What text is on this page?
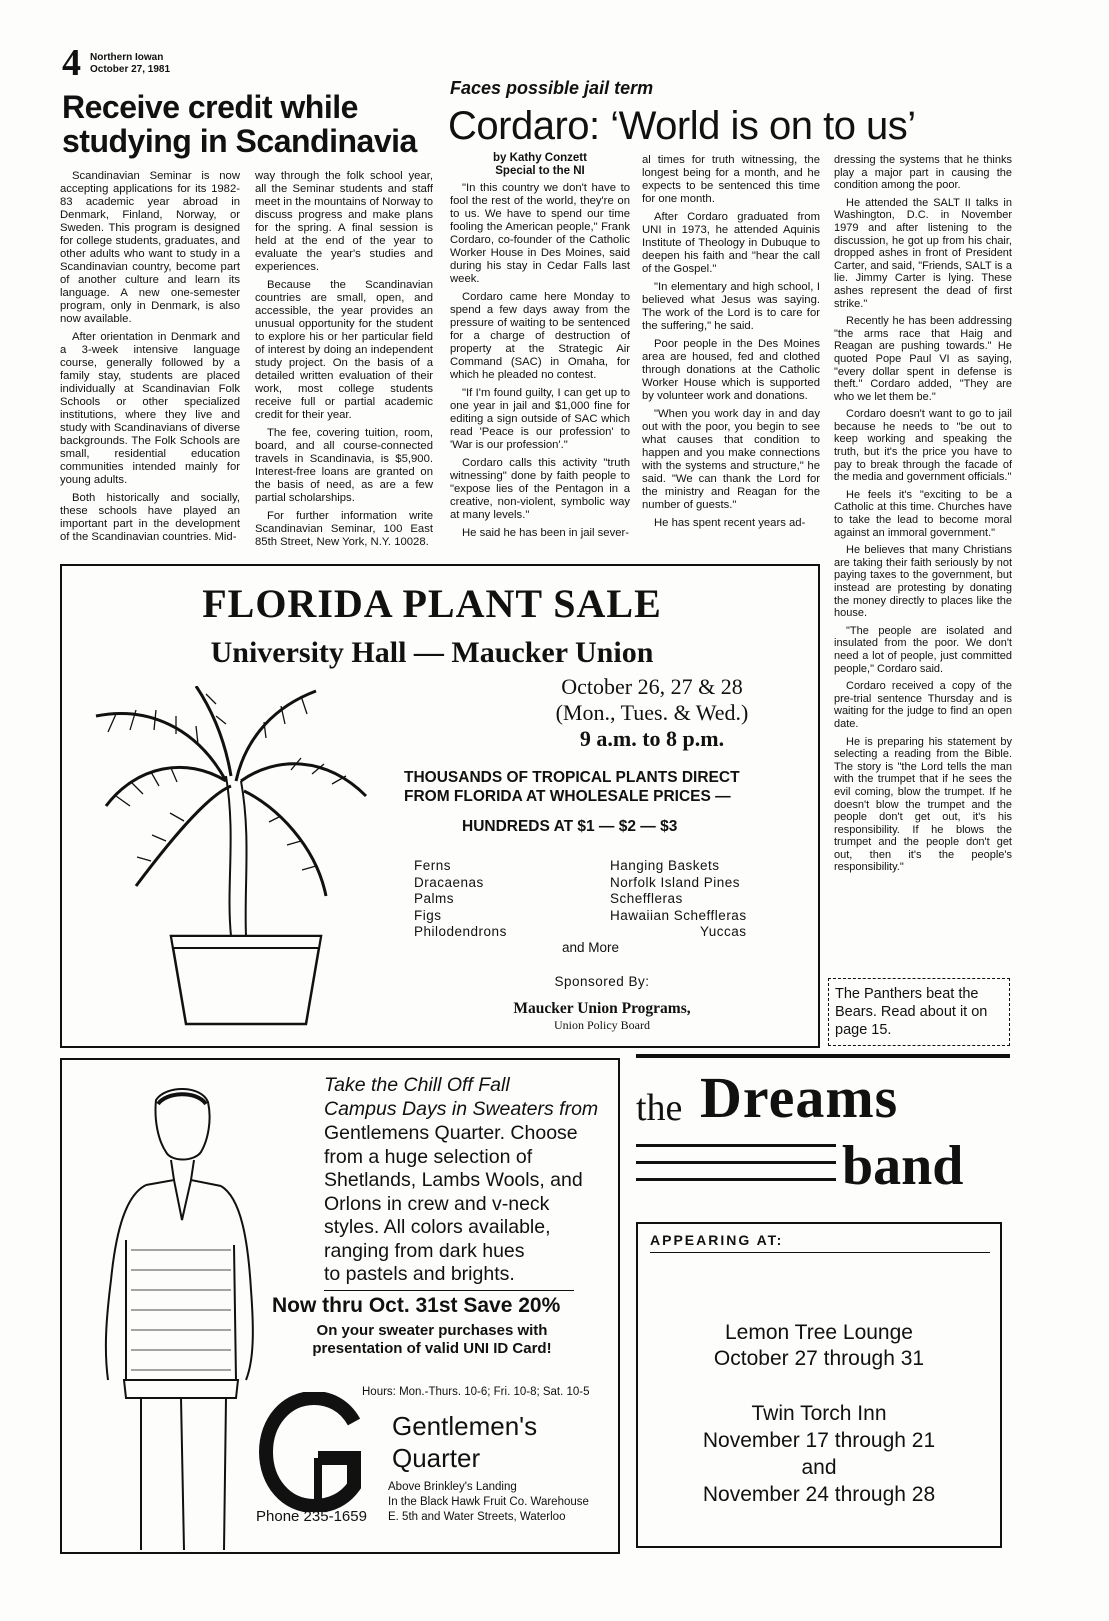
4 Northern Iowan
October 27, 1981
Receive credit while
studying in Scandinavia

Scandinavian Seminar is now accepting applications for its 1982-83 academic year abroad in Denmark, Finland, Norway, or Sweden. This program is designed for college students, graduates, and other adults who want to study in a Scandinavian country, become part of another culture and learn its language. A new one-semester program, only in Denmark, is also now available.

After orientation in Denmark and a 3-week intensive language course, generally followed by a family stay, students are placed individually at Scandinavian Folk Schools or other specialized institutions, where they live and study with Scandinavians of diverse backgrounds. The Folk Schools are small, residential education communities intended mainly for young adults.

Both historically and socially, these schools have played an important part in the development of the Scandinavian countries. Mid-

way through the folk school year, all the Seminar students and staff meet in the mountains of Norway to discuss progress and make plans for the spring. A final session is held at the end of the year to evaluate the year's studies and experiences.

Because the Scandinavian countries are small, open, and accessible, the year provides an unusual opportunity for the student to explore his or her particular field of interest by doing an independent study project. On the basis of a detailed written evaluation of their work, most college students receive full or partial academic credit for their year.

The fee, covering tuition, room, board, and all course-connected travels in Scandinavia, is $5,900. Interest-free loans are granted on the basis of need, as are a few partial scholarships.

For further information write Scandinavian Seminar, 100 East 85th Street, New York, N.Y. 10028.

Faces possible jail term
Cordaro: ‘World is on to us’
by Kathy Conzett
Special to the NI

"In this country we don't have to fool the rest of the world, they're on to us. We have to spend our time fooling the American people," Frank Cordaro, co-founder of the Catholic Worker House in Des Moines, said during his stay in Cedar Falls last week.

Cordaro came here Monday to spend a few days away from the pressure of waiting to be sentenced for a charge of destruction of property at the Strategic Air Command (SAC) in Omaha, for which he pleaded no contest.

"If I'm found guilty, I can get up to one year in jail and $1,000 fine for editing a sign outside of SAC which read 'Peace is our profession' to 'War is our profession'."

Cordaro calls this activity "truth witnessing" done by faith people to "expose lies of the Pentagon in a creative, non-violent, symbolic way at many levels."

He said he has been in jail sever-

al times for truth witnessing, the longest being for a month, and he expects to be sentenced this time for one month.

After Cordaro graduated from UNI in 1973, he attended Aquinis Institute of Theology in Dubuque to deepen his faith and "hear the call of the Gospel."

"In elementary and high school, I believed what Jesus was saying. The work of the Lord is to care for the suffering," he said.

Poor people in the Des Moines area are housed, fed and clothed through donations at the Catholic Worker House which is supported by volunteer work and donations.

"When you work day in and day out with the poor, you begin to see what causes that condition to happen and you make connections with the systems and structure," he said. "We can thank the Lord for the ministry and Reagan for the number of guests."

He has spent recent years ad-

dressing the systems that he thinks play a major part in causing the condition among the poor.

He attended the SALT II talks in Washington, D.C. in November 1979 and after listening to the discussion, he got up from his chair, dropped ashes in front of President Carter, and said, "Friends, SALT is a lie. Jimmy Carter is lying. These ashes represent the dead of first strike."

Recently he has been addressing "the arms race that Haig and Reagan are pushing towards." He quoted Pope Paul VI as saying, "every dollar spent in defense is theft." Cordaro added, "They are who we let them be."

Cordaro doesn't want to go to jail because he needs to "be out to keep working and speaking the truth, but it's the price you have to pay to break through the facade of the media and government officials."

He feels it's "exciting to be a Catholic at this time. Churches have to take the lead to become moral against an immoral government."

He believes that many Christians are taking their faith seriously by not paying taxes to the government, but instead are protesting by donating the money directly to places like the house.

"The people are isolated and insulated from the poor. We don't need a lot of people, just committed people," Cordaro said.

Cordaro received a copy of the pre-trial sentence Thursday and is waiting for the judge to find an open date.

He is preparing his statement by selecting a reading from the Bible. The story is "the Lord tells the man with the trumpet that if he sees the evil coming, blow the trumpet. If he doesn't blow the trumpet and the people don't get out, it's his responsibility. If he blows the trumpet and the people don't get out, then it's the people's responsibility."

FLORIDA PLANT SALE
University Hall — Maucker Union
October 26, 27 & 28
(Mon., Tues. & Wed.)
9 a.m. to 8 p.m.
THOUSANDS OF TROPICAL PLANTS DIRECT
FROM FLORIDA AT WHOLESALE PRICES —
HUNDREDS AT $1 — $2 — $3
Ferns
Dracaenas
Palms
Figs
Philodendrons
Hanging Baskets
Norfolk Island Pines
Scheffleras
Hawaiian Scheffleras
Yuccas
and More
Sponsored By:
Maucker Union Programs,
Union Policy Board
The Panthers beat the Bears. Read about it on page 15.
Take the Chill Off Fall
Campus Days in Sweaters from
Gentlemens Quarter. Choose
from a huge selection of
Shetlands, Lambs Wools, and
Orlons in crew and v-neck
styles. All colors available,
ranging from dark hues
to pastels and brights.
Now thru Oct. 31st Save 20%
On your sweater purchases with
presentation of valid UNI ID Card!
Hours: Mon.-Thurs. 10-6; Fri. 10-8; Sat. 10-5
Gentlemen's
Quarter
Above Brinkley's Landing
In the Black Hawk Fruit Co. Warehouse
E. 5th and Water Streets, Waterloo
Phone 235-1659
the Dreams
band
APPEARING AT:
Lemon Tree Lounge
October 27 through 31
Twin Torch Inn
November 17 through 21
and
November 24 through 28
